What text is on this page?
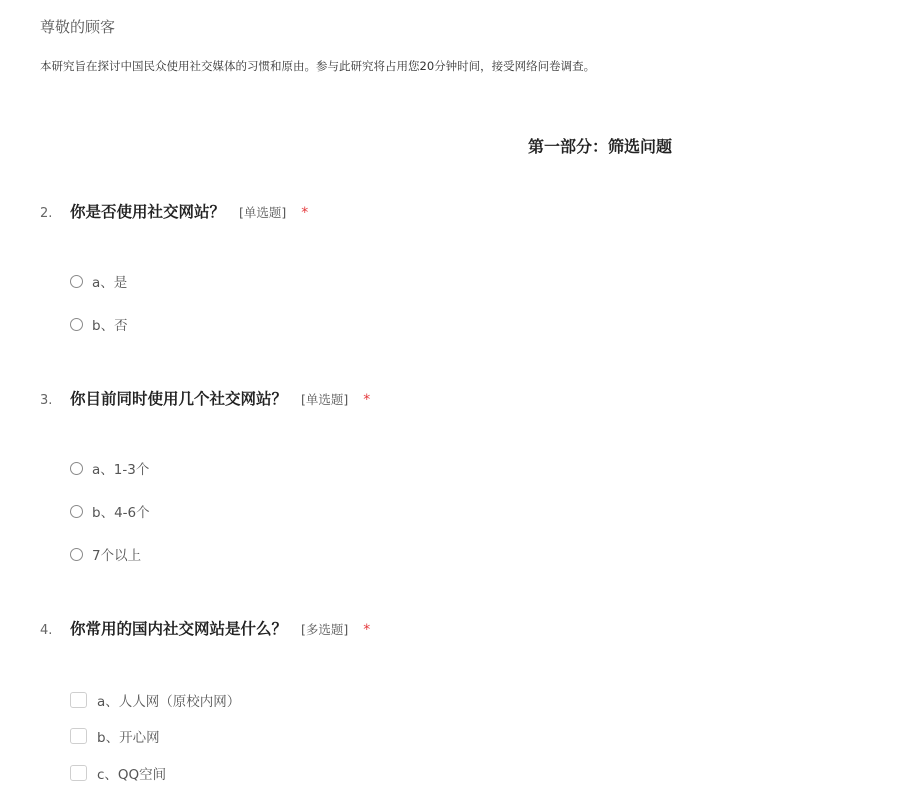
尊敬的顾客
本研究旨在探讨中国民众使用社交媒体的习惯和原由。参与此研究将占用您20分钟时间，接受网络问卷调查。
第一部分：筛选问题
2.	你是否使用社交网站？ [单选题] *
a、是
b、否
3.	你目前同时使用几个社交网站？ [单选题] *
a、1-3个
b、4-6个
7个以上
4.	你常用的国内社交网站是什么？ [多选题] *
a、人人网（原校内网）
b、开心网
c、QQ空间
